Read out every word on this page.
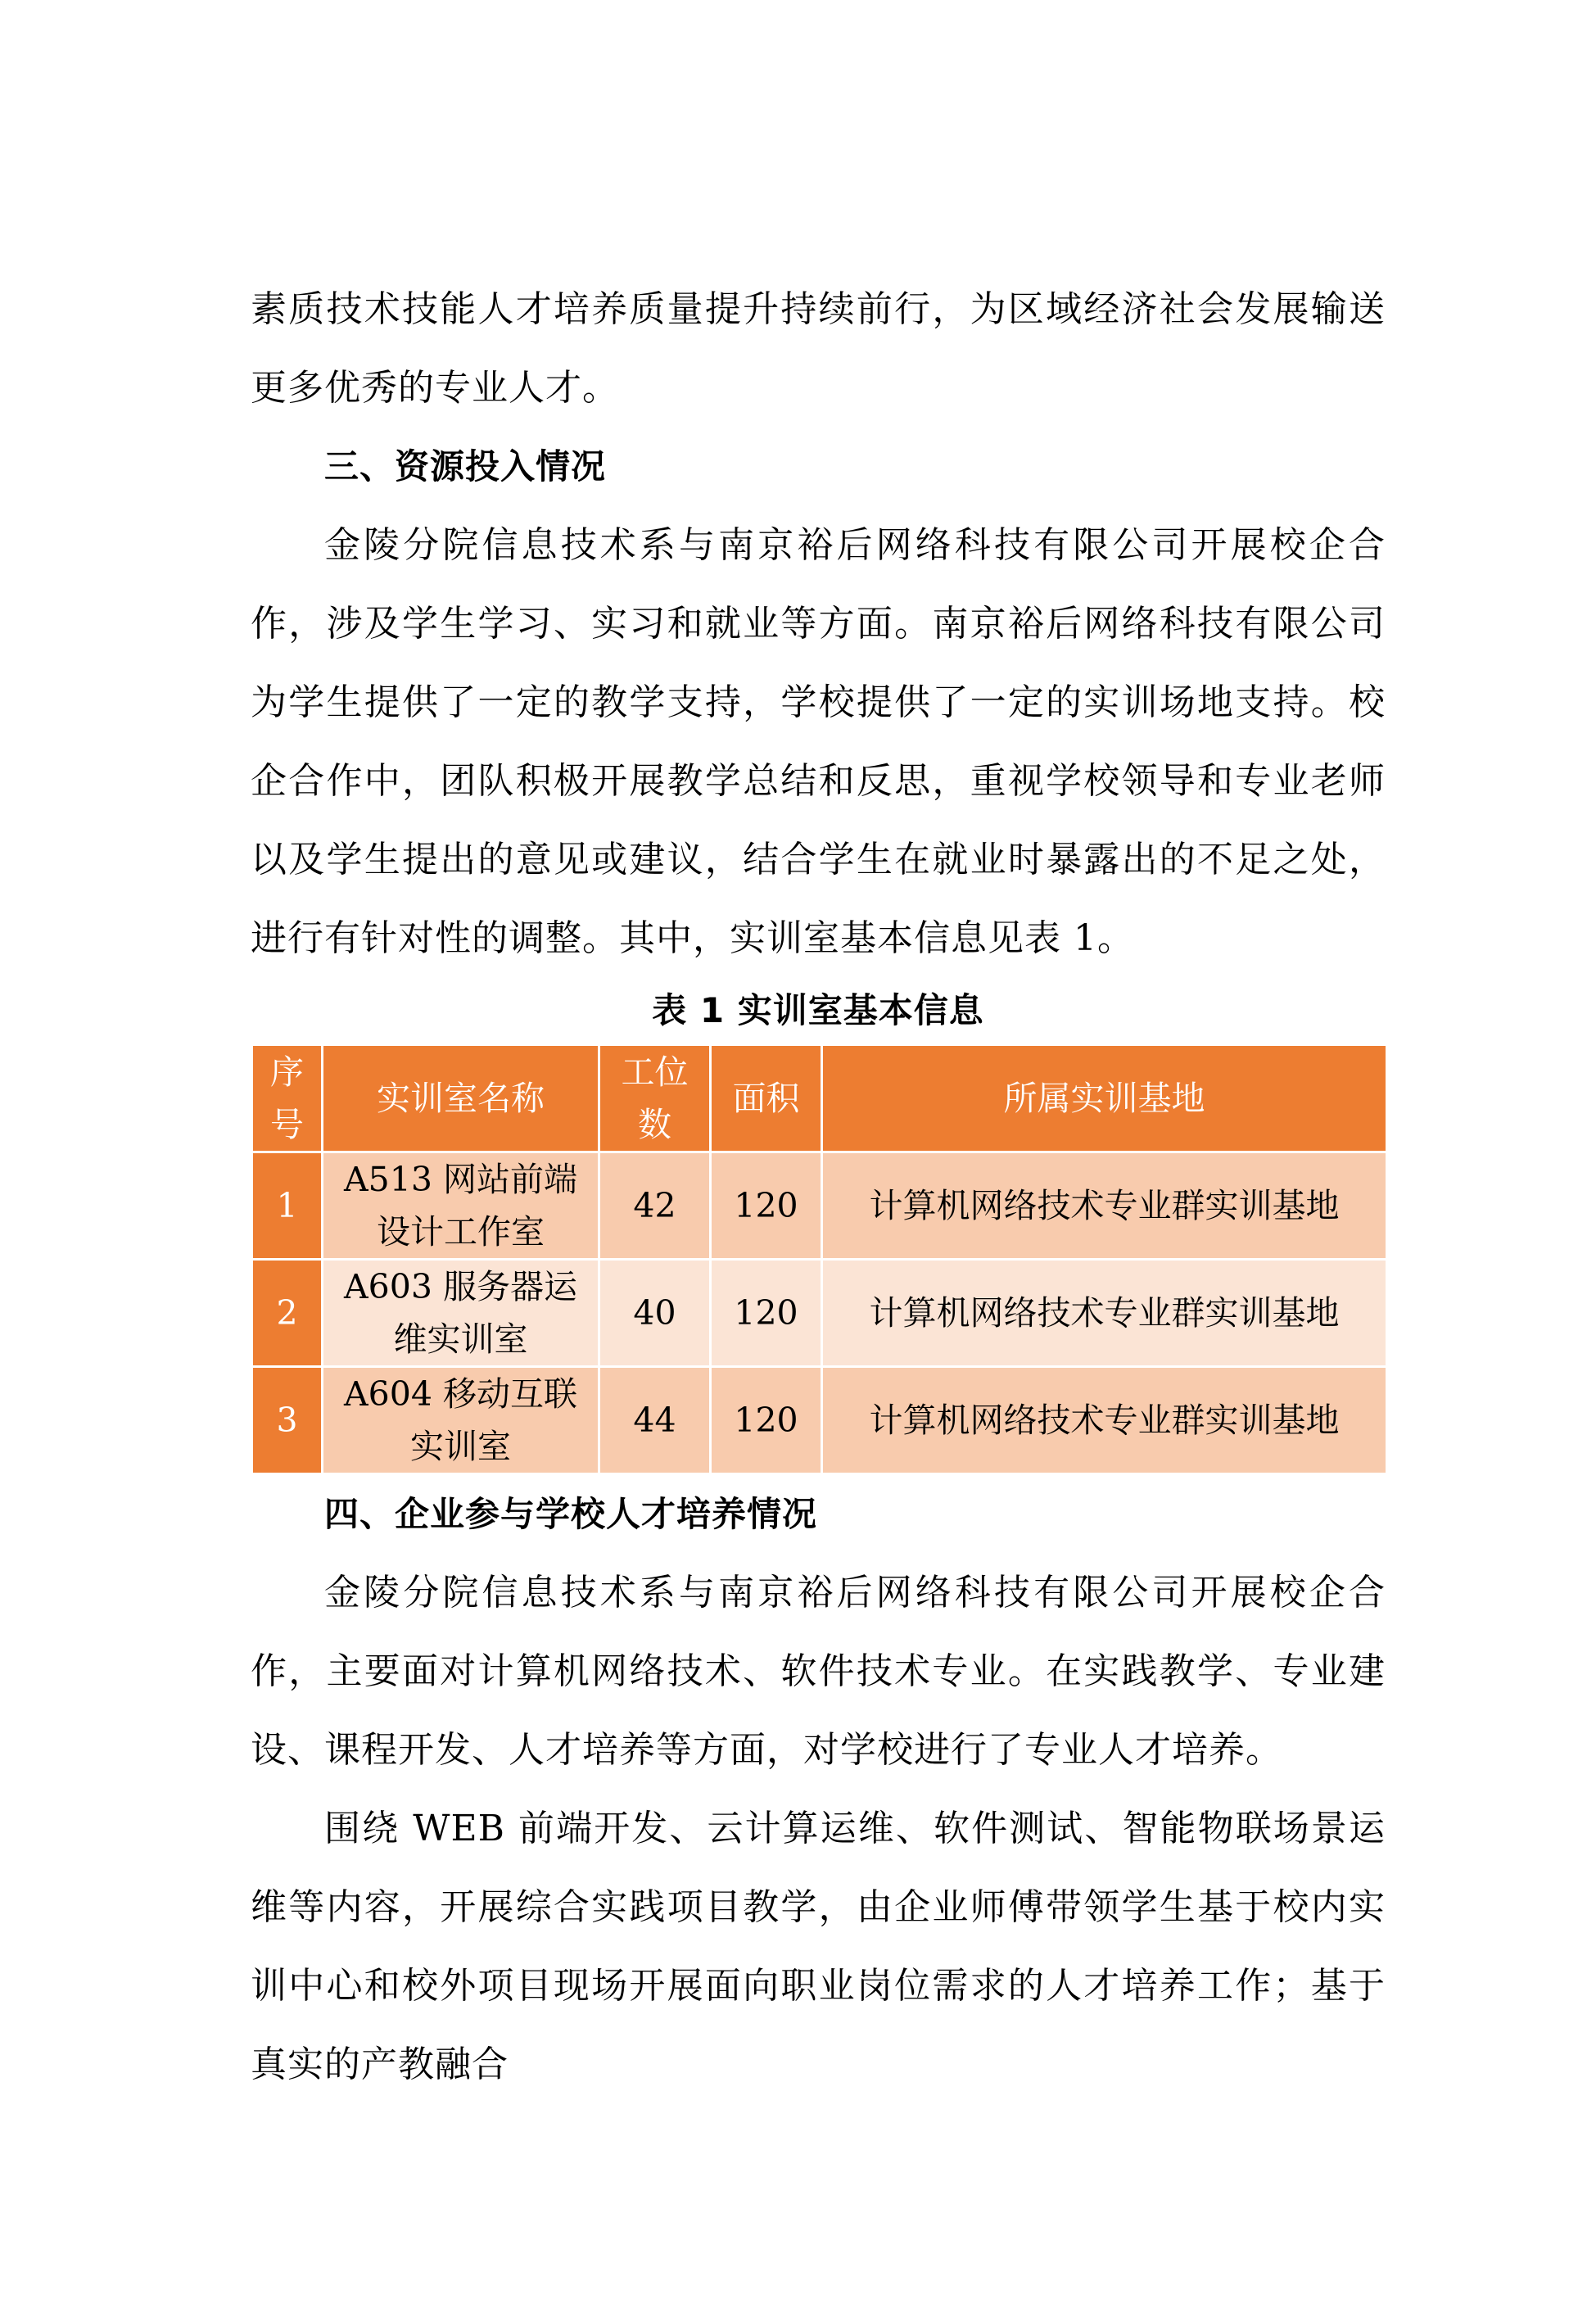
素质技术技能人才培养质量提升持续前行，为区域经济社会发展输送更多优秀的专业人才。

三、资源投入情况

金陵分院信息技术系与南京裕后网络科技有限公司开展校企合作，涉及学生学习、实习和就业等方面。南京裕后网络科技有限公司为学生提供了一定的教学支持，学校提供了一定的实训场地支持。校企合作中，团队积极开展教学总结和反思，重视学校领导和专业老师以及学生提出的意见或建议，结合学生在就业时暴露出的不足之处，进行有针对性的调整。其中，实训室基本信息见表 1。

表 1 实训室基本信息

序号	实训室名称	工位数	面积	所属实训基地
1	A513 网站前端设计工作室	42	120	计算机网络技术专业群实训基地
2	A603 服务器运维实训室	40	120	计算机网络技术专业群实训基地
3	A604 移动互联实训室	44	120	计算机网络技术专业群实训基地

四、企业参与学校人才培养情况

金陵分院信息技术系与南京裕后网络科技有限公司开展校企合作，主要面对计算机网络技术、软件技术专业。在实践教学、专业建设、课程开发、人才培养等方面，对学校进行了专业人才培养。

围绕 WEB 前端开发、云计算运维、软件测试、智能物联场景运维等内容，开展综合实践项目教学，由企业师傅带领学生基于校内实训中心和校外项目现场开展面向职业岗位需求的人才培养工作；基于真实的产教融合
